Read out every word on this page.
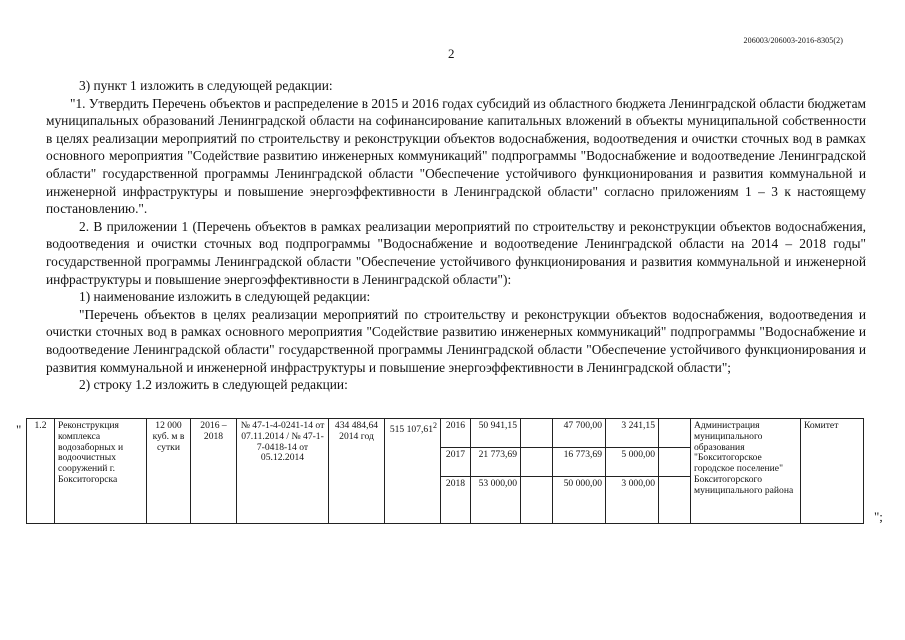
206003/206003-2016-8305(2)
2

3) пункт 1 изложить в следующей редакции:

"1. Утвердить Перечень объектов и распределение в 2015 и 2016 годах субсидий из областного бюджета Ленинградской области бюджетам муниципальных образований Ленинградской области на софинансирование капитальных вложений в объекты муниципальной собственности в целях реализации мероприятий по строительству и реконструкции объектов водоснабжения, водоотведения и очистки сточных вод в рамках основного мероприятия "Содействие развитию инженерных коммуникаций" подпрограммы "Водоснабжение и водоотведение Ленинградской области" государственной программы Ленинградской области "Обеспечение устойчивого функционирования и развития коммунальной и инженерной инфраструктуры и повышение энергоэффективности в Ленинградской области" согласно приложениям 1 – 3 к настоящему постановлению.".

2. В приложении 1 (Перечень объектов в рамках реализации мероприятий по строительству и реконструкции объектов водоснабжения, водоотведения и очистки сточных вод подпрограммы "Водоснабжение и водоотведение Ленинградской области на 2014 – 2018 годы" государственной программы Ленинградской области "Обеспечение устойчивого функционирования и развития коммунальной и инженерной инфраструктуры и повышение энергоэффективности в Ленинградской области"):

1) наименование изложить в следующей редакции:

"Перечень объектов в целях реализации мероприятий по строительству и реконструкции объектов водоснабжения, водоотведения и очистки сточных вод в рамках основного мероприятия "Содействие развитию инженерных коммуникаций" подпрограммы "Водоснабжение и водоотведение Ленинградской области" государственной программы Ленинградской области "Обеспечение устойчивого функционирования и развития коммунальной и инженерной инфраструктуры и повышение энергоэффективности в Ленинградской области";

2) строку 1.2 изложить в следующей редакции:

" 1.2	Реконструкция комплекса водозаборных и водоочистных сооружений г. Бокситогорска	12 000 куб. м в сутки	2016 – 2018	№ 47-1-4-0241-14 от 07.11.2014 / № 47-1-7-0418-14 от 05.12.2014	434 484,64 2014 год	515 107,61$^2$	2016	50 941,15		47 700,00	3 241,15		Администрация муниципального образования "Бокситогорское городское поселение" Бокситогорского муниципального района	Комитет
							2017	21 773,69		16 773,69	5 000,00			
							2018	53 000,00		50 000,00	3 000,00			
";
